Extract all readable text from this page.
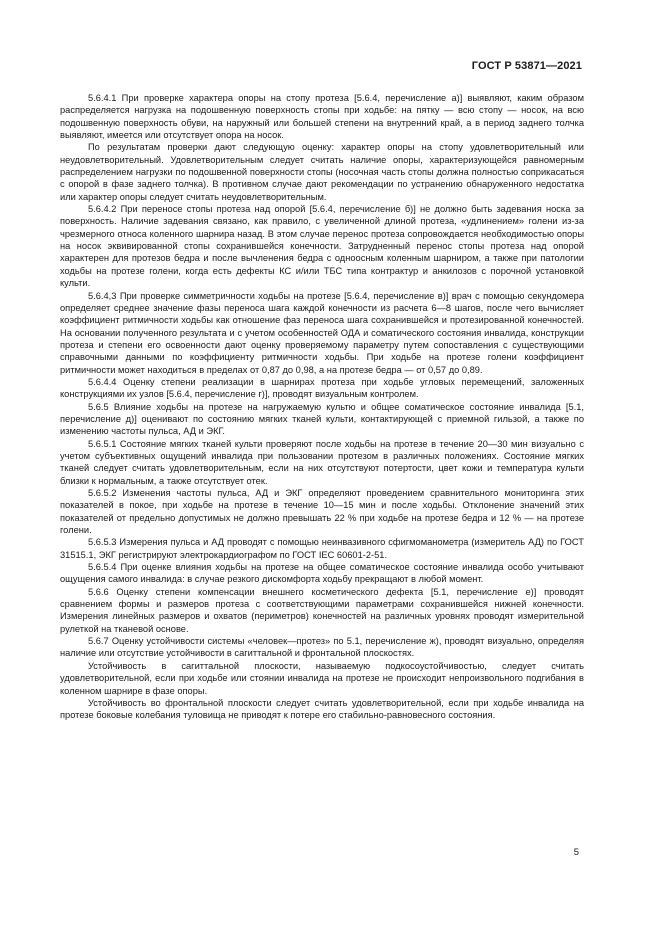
ГОСТ Р 53871—2021

5.6.4.1 При проверке характера опоры на стопу протеза [5.6.4, перечисление а)] выявляют, каким образом распределяется нагрузка на подошвенную поверхность стопы при ходьбе: на пятку — всю стопу — носок, на всю подошвенную поверхность обуви, на наружный или большей степени на внутренний край, а в период заднего толчка выявляют, имеется или отсутствует опора на носок.

По результатам проверки дают следующую оценку: характер опоры на стопу удовлетворительный или неудовлетворительный. Удовлетворительным следует считать наличие опоры, характеризующейся равномерным распределением нагрузки по подошвенной поверхности стопы (носочная часть стопы должна полностью соприкасаться с опорой в фазе заднего толчка). В противном случае дают рекомендации по устранению обнаруженного недостатка или характер опоры следует считать неудовлетворительным.

5.6.4.2 При переносе стопы протеза над опорой [5.6.4, перечисление б)] не должно быть задевания носка за поверхность. Наличие задевания связано, как правило, с увеличенной длиной протеза, «удлинением» голени из-за чрезмерного относа коленного шарнира назад. В этом случае перенос протеза сопровождается необходимостью опоры на носок эквивированной стопы сохранившейся конечности. Затрудненный перенос стопы протеза над опорой характерен для протезов бедра и после вычленения бедра с одноосным коленным шарниром, а также при патологии ходьбы на протезе голени, когда есть дефекты КС и/или ТБС типа контрактур и анкилозов с порочной установкой культи.

5.6.4,3 При проверке симметричности ходьбы на протезе [5.6.4, перечисление в)] врач с помощью секундомера определяет среднее значение фазы переноса шага каждой конечности из расчета 6—8 шагов, после чего вычисляет коэффициент ритмичности ходьбы как отношение фаз переноса шага сохранившейся и протезированной конечностей. На основании полученного результата и с учетом особенностей ОДА и соматического состояния инвалида, конструкции протеза и степени его освоенности дают оценку проверяемому параметру путем сопоставления с существующими справочными данными по коэффициенту ритмичности ходьбы. При ходьбе на протезе голени коэффициент ритмичности может находиться в пределах от 0,87 до 0,98, а на протезе бедра — от 0,57 до 0,89.

5.6.4.4 Оценку степени реализации в шарнирах протеза при ходьбе угловых перемещений, заложенных конструкциями их узлов [5.6.4, перечисление г)], проводят визуальным контролем.

5.6.5 Влияние ходьбы на протезе на нагружаемую культю и общее соматическое состояние инвалида [5.1, перечисление д)] оценивают по состоянию мягких тканей культи, контактирующей с приемной гильзой, а также по изменению частоты пульса, АД и ЭКГ.

5.6.5.1 Состояние мягких тканей культи проверяют после ходьбы на протезе в течение 20—30 мин визуально с учетом субъективных ощущений инвалида при пользовании протезом в различных положениях. Состояние мягких тканей следует считать удовлетворительным, если на них отсутствуют потертости, цвет кожи и температура культи близки к нормальным, а также отсутствует отек.

5.6.5.2 Изменения частоты пульса, АД и ЭКГ определяют проведением сравнительного мониторинга этих показателей в покое, при ходьбе на протезе в течение 10—15 мин и после ходьбы. Отклонение значений этих показателей от предельно допустимых не должно превышать 22 % при ходьбе на протезе бедра и 12 % — на протезе голени.

5.6.5.3 Измерения пульса и АД проводят с помощью неинвазивного сфигмоманометра (измеритель АД) по ГОСТ 31515.1, ЭКГ регистрируют электрокардиографом по ГОСТ IEC 60601-2-51.

5.6.5.4 При оценке влияния ходьбы на протезе на общее соматическое состояние инвалида особо учитывают ощущения самого инвалида: в случае резкого дискомфорта ходьбу прекращают в любой момент.

5.6.6 Оценку степени компенсации внешнего косметического дефекта [5.1, перечисление е)] проводят сравнением формы и размеров протеза с соответствующими параметрами сохранившейся нижней конечности. Измерения линейных размеров и охватов (периметров) конечностей на различных уровнях проводят измерительной рулеткой на тканевой основе.

5.6.7 Оценку устойчивости системы «человек—протез» по 5.1, перечисление ж), проводят визуально, определяя наличие или отсутствие устойчивости в сагиттальной и фронтальной плоскостях.

Устойчивость в сагиттальной плоскости, называемую подкосоустойчивостью, следует считать удовлетворительной, если при ходьбе или стоянии инвалида на протезе не происходит непроизвольного подгибания в коленном шарнире в фазе опоры.

Устойчивость во фронтальной плоскости следует считать удовлетворительной, если при ходьбе инвалида на протезе боковые колебания туловища не приводят к потере его стабильно-равновесного состояния.

5
